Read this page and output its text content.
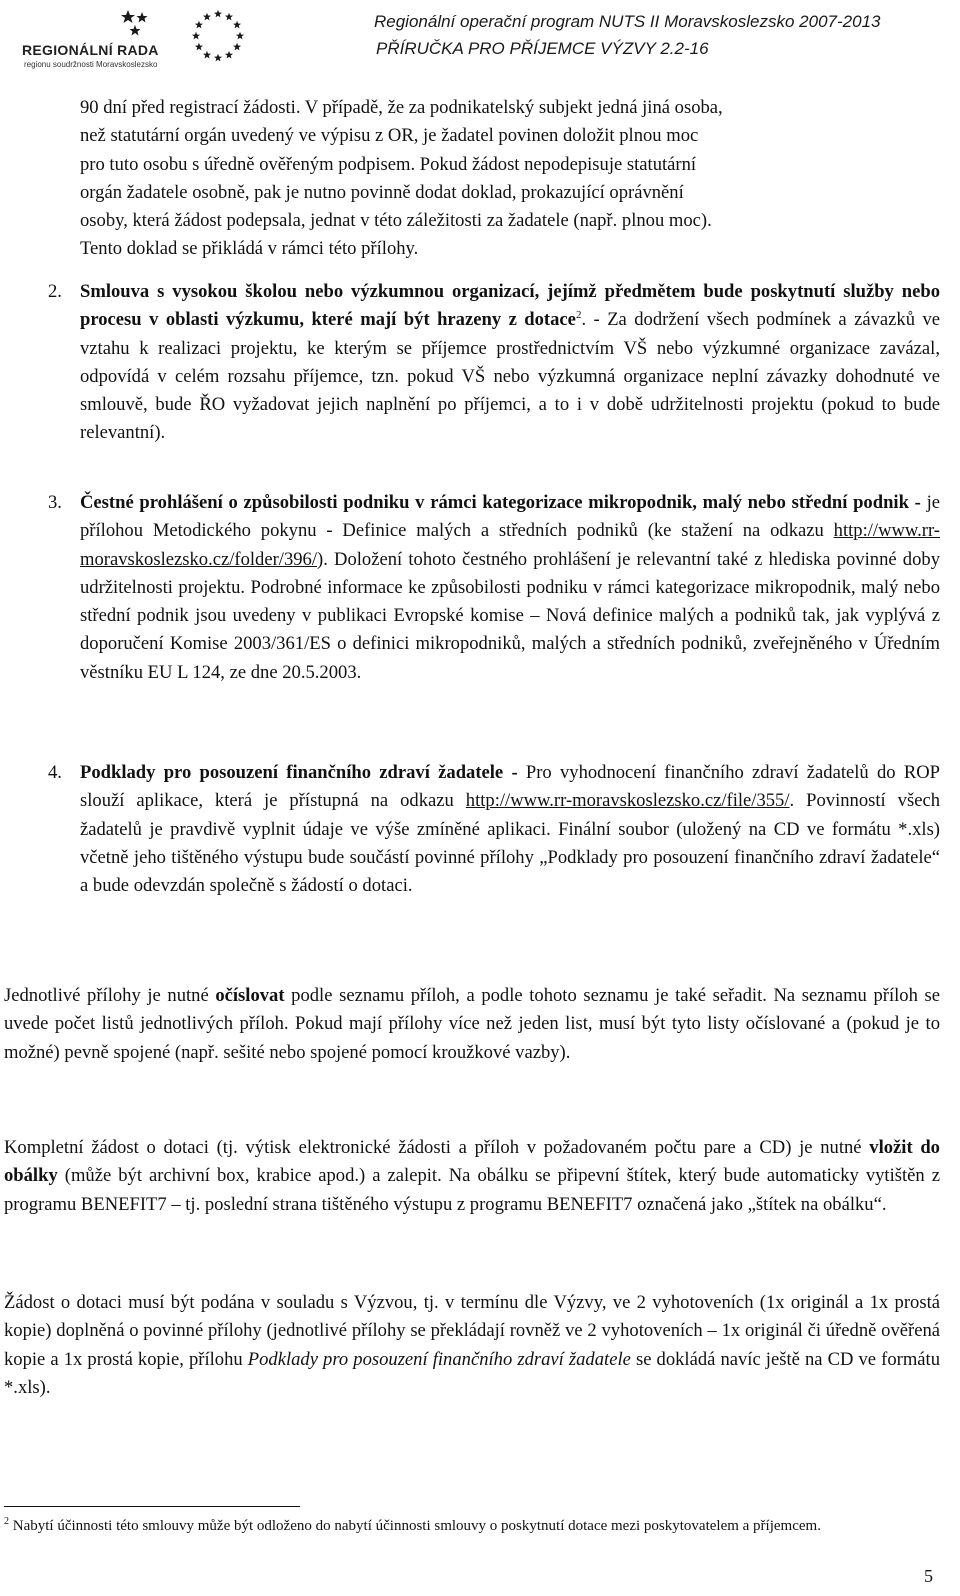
REGIONÁLNÍ RADA
regionu soudržnosti Moravskoslezsko
Regionální operační program NUTS II Moravskoslezsko 2007-2013
PŘÍRUČKA PRO PŘÍJEMCE VÝZVY 2.2-16
90 dní před registrací žádosti. V případě, že za podnikatelský subjekt jedná jiná osoba,
než statutární orgán uvedený ve výpisu z OR, je žadatel povinen doložit plnou moc
pro tuto osobu s úředně ověřeným podpisem. Pokud žádost nepodepisuje statutární
orgán žadatele osobně, pak je nutno povinně dodat doklad, prokazující oprávnění
osoby, která žádost podepsala, jednat v této záležitosti za žadatele (např. plnou moc).
Tento doklad se přikládá v rámci této přílohy.
2. Smlouva s vysokou školou nebo výzkumnou organizací, jejímž předmětem bude poskytnutí služby nebo procesu v oblasti výzkumu, které mají být hrazeny z dotace$^2$. - Za dodržení všech podmínek a závazků ve vztahu k realizaci projektu, ke kterým se příjemce prostřednictvím VŠ nebo výzkumné organizace zavázal, odpovídá v celém rozsahu příjemce, tzn. pokud VŠ nebo výzkumná organizace neplní závazky dohodnuté ve smlouvě, bude ŘO vyžadovat jejich naplnění po příjemci, a to i v době udržitelnosti projektu (pokud to bude relevantní).
3. Čestné prohlášení o způsobilosti podniku v rámci kategorizace mikropodnik, malý nebo střední podnik - je přílohou Metodického pokynu - Definice malých a středních podniků (ke stažení na odkazu http://www.rr-moravskoslezsko.cz/folder/396/). Doložení tohoto čestného prohlášení je relevantní také z hlediska povinné doby udržitelnosti projektu. Podrobné informace ke způsobilosti podniku v rámci kategorizace mikropodnik, malý nebo střední podnik jsou uvedeny v publikaci Evropské komise – Nová definice malých a podniků tak, jak vyplývá z doporučení Komise 2003/361/ES o definici mikropodniků, malých a středních podniků, zveřejněného v Úředním věstníku EU L 124, ze dne 20.5.2003.
4. Podklady pro posouzení finančního zdraví žadatele - Pro vyhodnocení finančního zdraví žadatelů do ROP slouží aplikace, která je přístupná na odkazu http://www.rr-moravskoslezsko.cz/file/355/. Povinností všech žadatelů je pravdivě vyplnit údaje ve výše zmíněné aplikaci. Finální soubor (uložený na CD ve formátu *.xls) včetně jeho tištěného výstupu bude součástí povinné přílohy „Podklady pro posouzení finančního zdraví žadatele“ a bude odevzdán společně s žádostí o dotaci.
Jednotlivé přílohy je nutné očíslovat podle seznamu příloh, a podle tohoto seznamu je také seřadit. Na seznamu příloh se uvede počet listů jednotlivých příloh. Pokud mají přílohy více než jeden list, musí být tyto listy očíslované a (pokud je to možné) pevně spojené (např. sešité nebo spojené pomocí kroužkové vazby).
Kompletní žádost o dotaci (tj. výtisk elektronické žádosti a příloh v požadovaném počtu pare a CD) je nutné vložit do obálky (může být archivní box, krabice apod.) a zalepit. Na obálku se připevní štítek, který bude automaticky vytištěn z programu BENEFIT7 – tj. poslední strana tištěného výstupu z programu BENEFIT7 označená jako „štítek na obálku“.
Žádost o dotaci musí být podána v souladu s Výzvou, tj. v termínu dle Výzvy, ve 2 vyhotoveních (1x originál a 1x prostá kopie) doplněná o povinné přílohy (jednotlivé přílohy se překládají rovněž ve 2 vyhotoveních – 1x originál či úředně ověřená kopie a 1x prostá kopie, přílohu Podklady pro posouzení finančního zdraví žadatele se dokládá navíc ještě na CD ve formátu *.xls).
$^2$ Nabytí účinnosti této smlouvy může být odloženo do nabytí účinnosti smlouvy o poskytnutí dotace mezi poskytovatelem a příjemcem.
5
